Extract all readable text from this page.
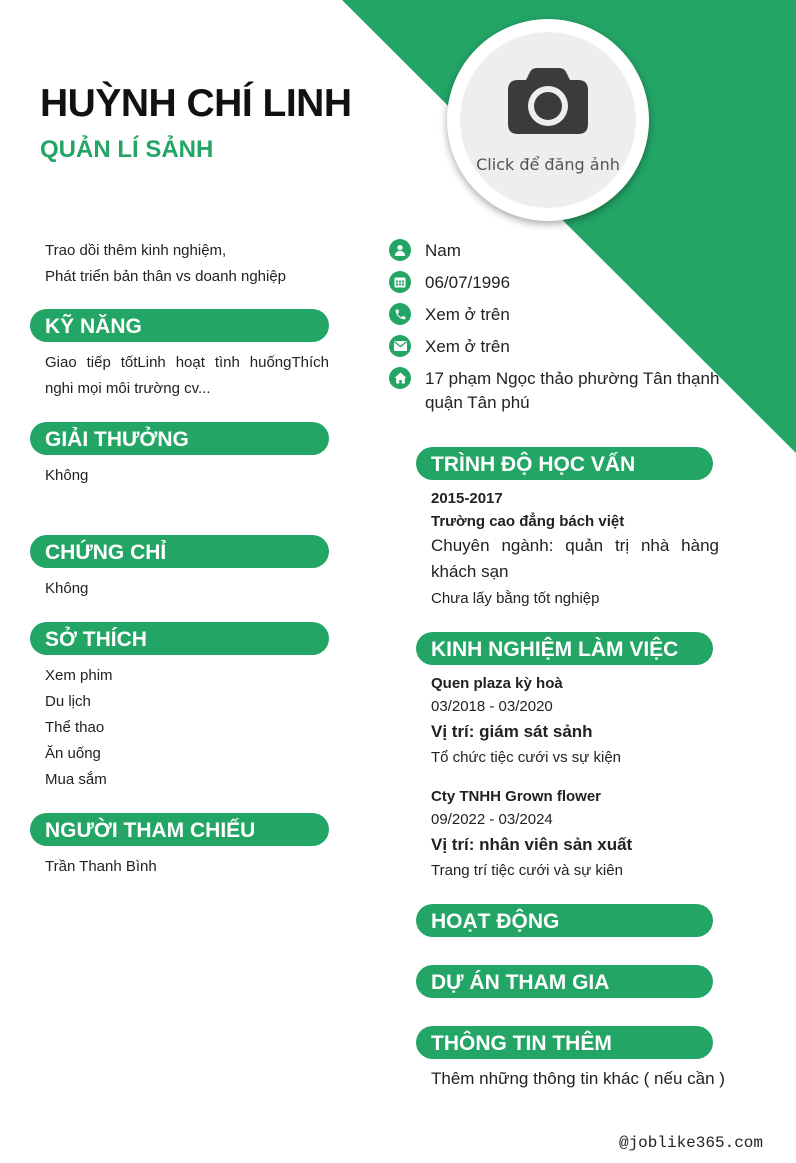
HUỲNH CHÍ LINH
QUẢN LÍ SẢNH
Click để đăng ảnh
Trao dồi thêm kinh nghiệm,
Phát triển bản thân vs doanh nghiệp
Nam
06/07/1996
Xem ở trên
Xem ở trên
17 phạm Ngọc thảo phường Tân thạnh quận Tân phú
KỸ NĂNG
Giao tiếp tốtLinh hoạt tình huốngThích nghi mọi môi trường cv...
GIẢI THƯỞNG
Không
CHỨNG CHỈ
Không
SỞ THÍCH
Xem phim
Du lịch
Thể thao
Ăn uống
Mua sắm
NGƯỜI THAM CHIẾU
Trần Thanh Bình
TRÌNH ĐỘ HỌC VẤN
2015-2017
Trường cao đẳng bách việt
Chuyên ngành: quản trị nhà hàng khách sạn
Chưa lấy bằng tốt nghiệp
KINH NGHIỆM LÀM VIỆC
Quen plaza kỳ hoà
03/2018 - 03/2020
Vị trí: giám sát sảnh
Tổ chức tiệc cưới vs sự kiện
Cty TNHH Grown flower
09/2022 - 03/2024
Vị trí: nhân viên sản xuất
Trang trí tiệc cưới và sự kiên
HOẠT ĐỘNG
DỰ ÁN THAM GIA
THÔNG TIN THÊM
Thêm những thông tin khác ( nếu cần )
@joblike365.com
